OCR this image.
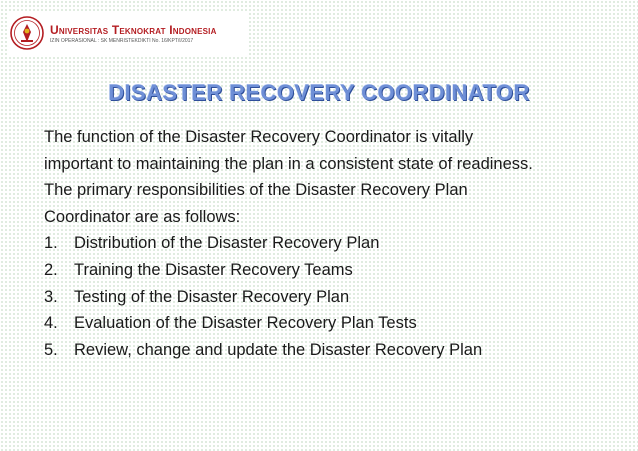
Universitas Teknokrat Indonesia
IZIN OPERASIONAL : SK MENRISTEKDIKTI No. 16/KPT/I/2017
DISASTER RECOVERY COORDINATOR

The function of the Disaster Recovery Coordinator is vitally
important to maintaining the plan in a consistent state of readiness.
The primary responsibilities of the Disaster Recovery Plan
Coordinator are as follows:

1. Distribution of the Disaster Recovery Plan
2. Training the Disaster Recovery Teams
3. Testing of the Disaster Recovery Plan
4. Evaluation of the Disaster Recovery Plan Tests
5. Review, change and update the Disaster Recovery Plan
